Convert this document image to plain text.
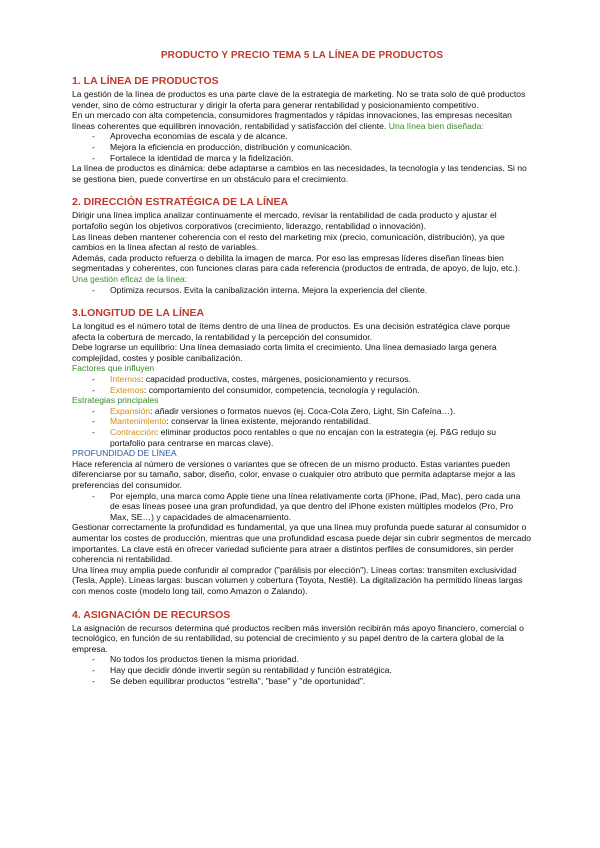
PRODUCTO Y PRECIO TEMA 5 LA LÍNEA DE PRODUCTOS
1. LA LÍNEA DE PRODUCTOS

La gestión de la línea de productos es una parte clave de la estrategia de marketing. No se trata solo de qué productos vender, sino de cómo estructurar y dirigir la oferta para generar rentabilidad y posicionamiento competitivo.

En un mercado con alta competencia, consumidores fragmentados y rápidas innovaciones, las empresas necesitan líneas coherentes que equilibren innovación, rentabilidad y satisfacción del cliente. Una línea bien diseñada:

- Aprovecha economías de escala y de alcance.
- Mejora la eficiencia en producción, distribución y comunicación.
- Fortalece la identidad de marca y la fidelización.

La línea de productos es dinámica: debe adaptarse a cambios en las necesidades, la tecnología y las tendencias. Si no se gestiona bien, puede convertirse en un obstáculo para el crecimiento.

2. DIRECCIÓN ESTRATÉGICA DE LA LÍNEA

Dirigir una línea implica analizar continuamente el mercado, revisar la rentabilidad de cada producto y ajustar el portafolio según los objetivos corporativos (crecimiento, liderazgo, rentabilidad o innovación).

Las líneas deben mantener coherencia con el resto del marketing mix (precio, comunicación, distribución), ya que cambios en la línea afectan al resto de variables.

Además, cada producto refuerza o debilita la imagen de marca. Por eso las empresas líderes diseñan líneas bien segmentadas y coherentes, con funciones claras para cada referencia (productos de entrada, de apoyo, de lujo, etc.).

Una gestión eficaz de la línea:

- Optimiza recursos. Evita la canibalización interna. Mejora la experiencia del cliente.
3.LONGITUD DE LA LÍNEA

La longitud es el número total de ítems dentro de una línea de productos. Es una decisión estratégica clave porque afecta la cobertura de mercado, la rentabilidad y la percepción del consumidor.

Debe lograrse un equilibrio: Una línea demasiado corta limita el crecimiento. Una línea demasiado larga genera complejidad, costes y posible canibalización.

Factores que influyen

- Internos: capacidad productiva, costes, márgenes, posicionamiento y recursos.
- Externos: comportamiento del consumidor, competencia, tecnología y regulación.

Estrategias principales

- Expansión: añadir versiones o formatos nuevos (ej. Coca-Cola Zero, Light, Sin Cafeína…).
- Mantenimiento: conservar la línea existente, mejorando rentabilidad.
- Contracción: eliminar productos poco rentables o que no encajan con la estrategia (ej. P&G redujo su portafolio para centrarse en marcas clave).

PROFUNDIDAD DE LÍNEA

Hace referencia al número de versiones o variantes que se ofrecen de un mismo producto. Estas variantes pueden diferenciarse por su tamaño, sabor, diseño, color, envase o cualquier otro atributo que permita adaptarse mejor a las preferencias del consumidor.

- Por ejemplo, una marca como Apple tiene una línea relativamente corta (iPhone, iPad, Mac), pero cada una de esas líneas posee una gran profundidad, ya que dentro del iPhone existen múltiples modelos (Pro, Pro Max, SE…) y capacidades de almacenamiento.

Gestionar correctamente la profundidad es fundamental, ya que una línea muy profunda puede saturar al consumidor o aumentar los costes de producción, mientras que una profundidad escasa puede dejar sin cubrir segmentos de mercado importantes. La clave está en ofrecer variedad suficiente para atraer a distintos perfiles de consumidores, sin perder coherencia ni rentabilidad.

Una línea muy amplia puede confundir al comprador ("parálisis por elección"). Líneas cortas: transmiten exclusividad (Tesla, Apple). Líneas largas: buscan volumen y cobertura (Toyota, Nestlé). La digitalización ha permitido líneas largas con menos coste (modelo long tail, como Amazon o Zalando).

4. ASIGNACIÓN DE RECURSOS

La asignación de recursos determina qué productos reciben más inversión recibirán más apoyo financiero, comercial o tecnológico, en función de su rentabilidad, su potencial de crecimiento y su papel dentro de la cartera global de la empresa.

- No todos los productos tienen la misma prioridad.
- Hay que decidir dónde invertir según su rentabilidad y función estratégica.
- Se deben equilibrar productos "estrella", "base" y "de oportunidad".
